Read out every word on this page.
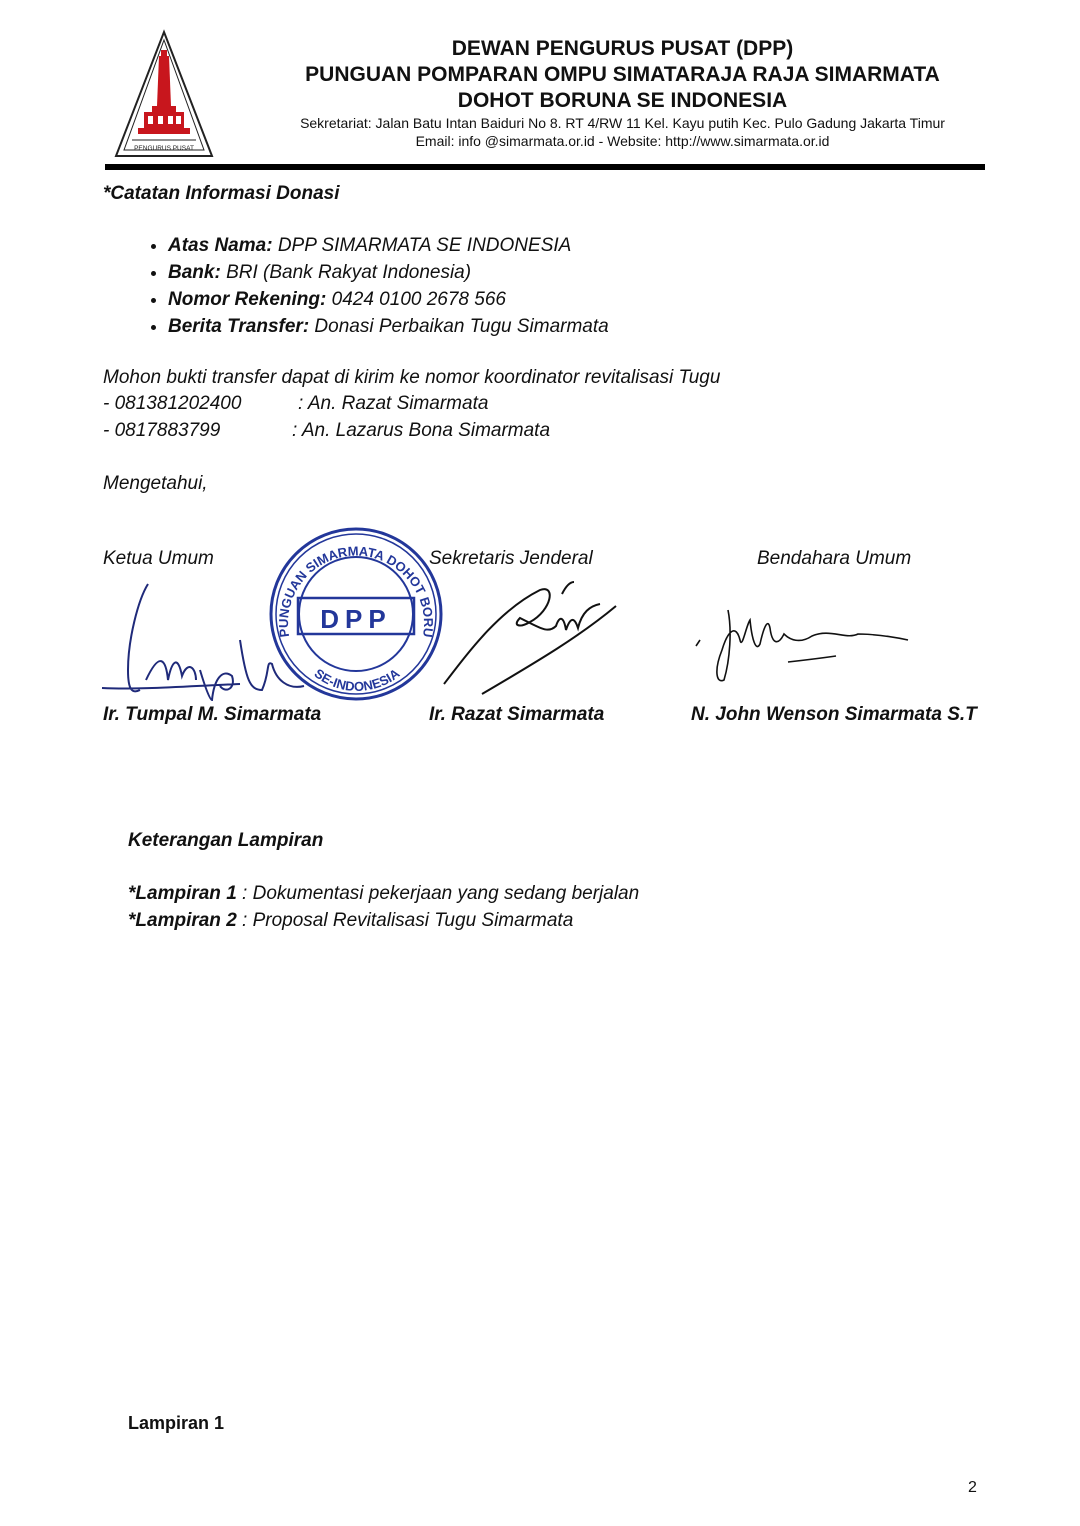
PENGURUS PUSAT
DEWAN PENGURUS PUSAT (DPP)
PUNGUAN POMPARAN OMPU SIMATARAJA RAJA SIMARMATA
DOHOT BORUNA SE INDONESIA
Sekretariat: Jalan Batu Intan Baiduri No 8. RT 4/RW 11 Kel. Kayu putih Kec. Pulo Gadung Jakarta Timur
Email: info @simarmata.or.id - Website: http://www.simarmata.or.id
*Catatan Informasi Donasi
• Atas Nama: DPP SIMARMATA SE INDONESIA
• Bank: BRI (Bank Rakyat Indonesia)
• Nomor Rekening: 0424 0100 2678 566
• Berita Transfer: Donasi Perbaikan Tugu Simarmata
Mohon bukti transfer dapat di kirim ke nomor koordinator revitalisasi Tugu
- 081381202400	: An. Razat Simarmata
- 0817883799	: An. Lazarus Bona Simarmata
Mengetahui,
Ketua Umum	Sekretaris Jenderal	Bendahara Umum
DPP
PUNGUAN SIMARMATA DOHOT BORU
SE-INDONESIA
Ir. Tumpal M. Simarmata	Ir. Razat Simarmata	N. John Wenson Simarmata S.T
Keterangan Lampiran
*Lampiran 1 : Dokumentasi pekerjaan yang sedang berjalan
*Lampiran 2 : Proposal Revitalisasi Tugu Simarmata
Lampiran 1
2
